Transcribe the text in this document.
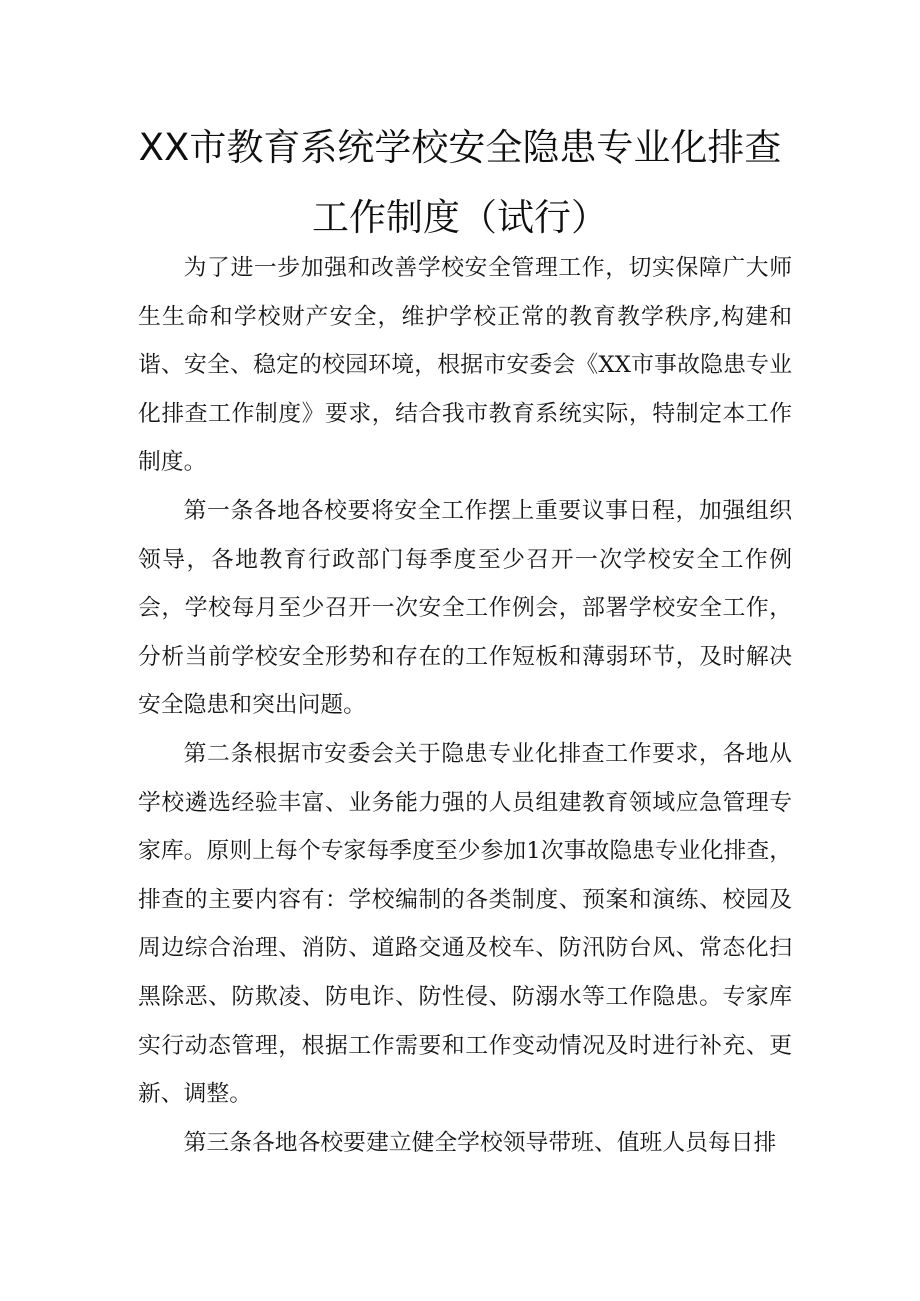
XX市教育系统学校安全隐患专业化排查
工作制度（试行）

为了进一步加强和改善学校安全管理工作，切实保障广大师生生命和学校财产安全，维护学校正常的教育教学秩序,构建和谐、安全、稳定的校园环境，根据市安委会《XX市事故隐患专业化排查工作制度》要求，结合我市教育系统实际，特制定本工作制度。

第一条各地各校要将安全工作摆上重要议事日程，加强组织领导，各地教育行政部门每季度至少召开一次学校安全工作例会，学校每月至少召开一次安全工作例会，部署学校安全工作，分析当前学校安全形势和存在的工作短板和薄弱环节，及时解决安全隐患和突出问题。

第二条根据市安委会关于隐患专业化排查工作要求，各地从学校遴选经验丰富、业务能力强的人员组建教育领域应急管理专家库。原则上每个专家每季度至少参加1次事故隐患专业化排查，排查的主要内容有：学校编制的各类制度、预案和演练、校园及周边综合治理、消防、道路交通及校车、防汛防台风、常态化扫黑除恶、防欺凌、防电诈、防性侵、防溺水等工作隐患。专家库实行动态管理，根据工作需要和工作变动情况及时进行补充、更新、调整。

第三条各地各校要建立健全学校领导带班、值班人员每日排
